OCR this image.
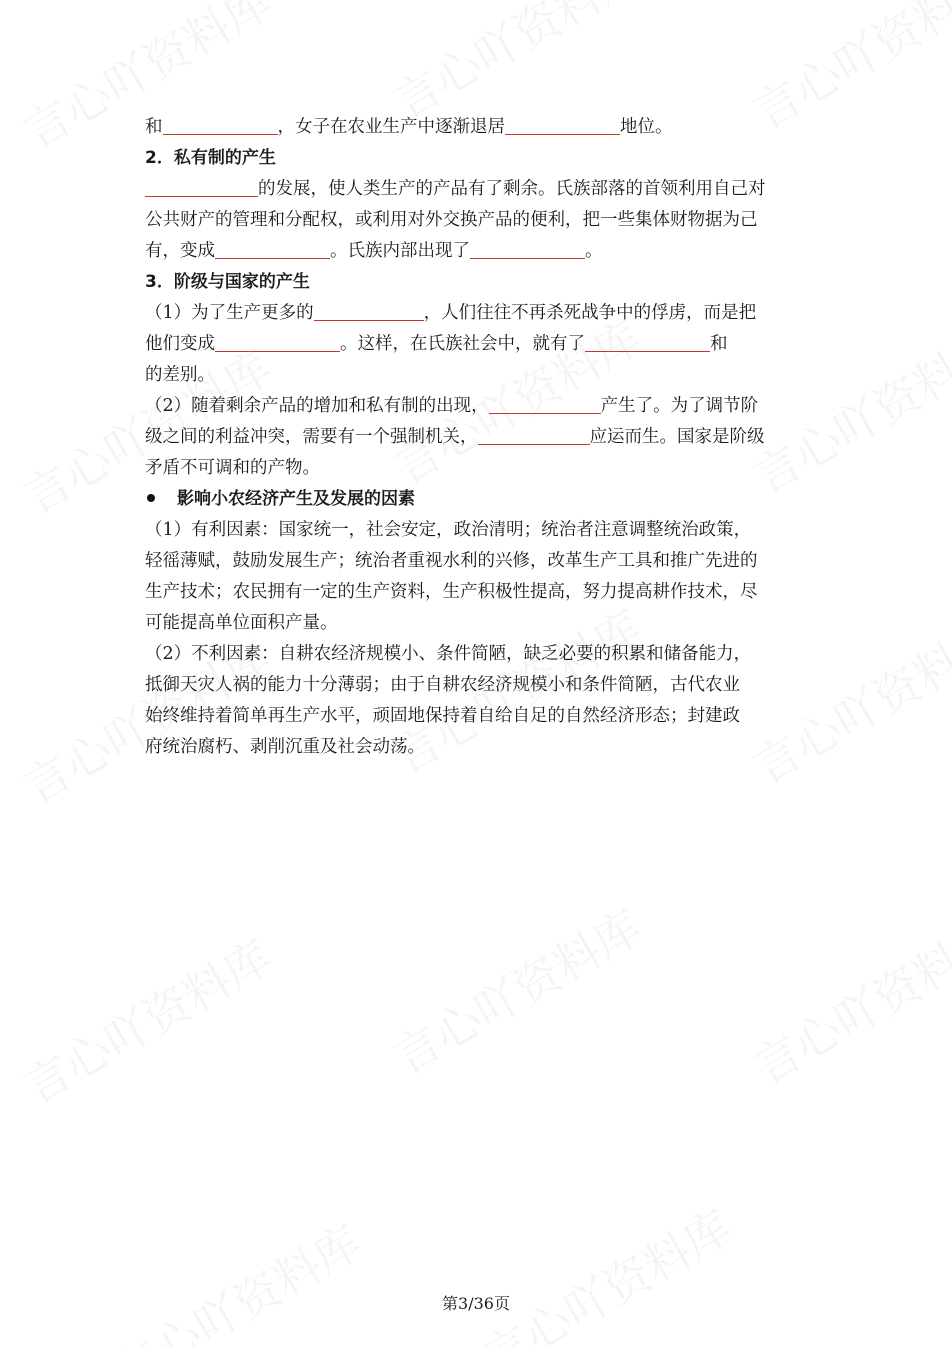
和	，女子在农业生产中逐渐退居	地位。
2．私有制的产生
的发展，使人类生产的产品有了剩余。氏族部落的首领利用自己对
公共财产的管理和分配权，或利用对外交换产品的便利，把一些集体财物据为己
有，变成	。氏族内部出现了	。
3．阶级与国家的产生
（1）为了生产更多的	，人们往往不再杀死战争中的俘虏，而是把
他们变成	。这样，在氏族社会中，就有了	和
的差别。
（2）随着剩余产品的增加和私有制的出现，	产生了。为了调节阶
级之间的利益冲突，需要有一个强制机关，	应运而生。国家是阶级
矛盾不可调和的产物。
影响小农经济产生及发展的因素
（1）有利因素：国家统一，社会安定，政治清明；统治者注意调整统治政策，
轻徭薄赋，鼓励发展生产；统治者重视水利的兴修，改革生产工具和推广先进的
生产技术；农民拥有一定的生产资料，生产积极性提高，努力提高耕作技术，尽
可能提高单位面积产量。
（2）不利因素：自耕农经济规模小、条件简陋，缺乏必要的积累和储备能力，
抵御天灾人祸的能力十分薄弱；由于自耕农经济规模小和条件简陋，古代农业
始终维持着简单再生产水平，顽固地保持着自给自足的自然经济形态；封建政
府统治腐朽、剥削沉重及社会动荡。
第3/36页
